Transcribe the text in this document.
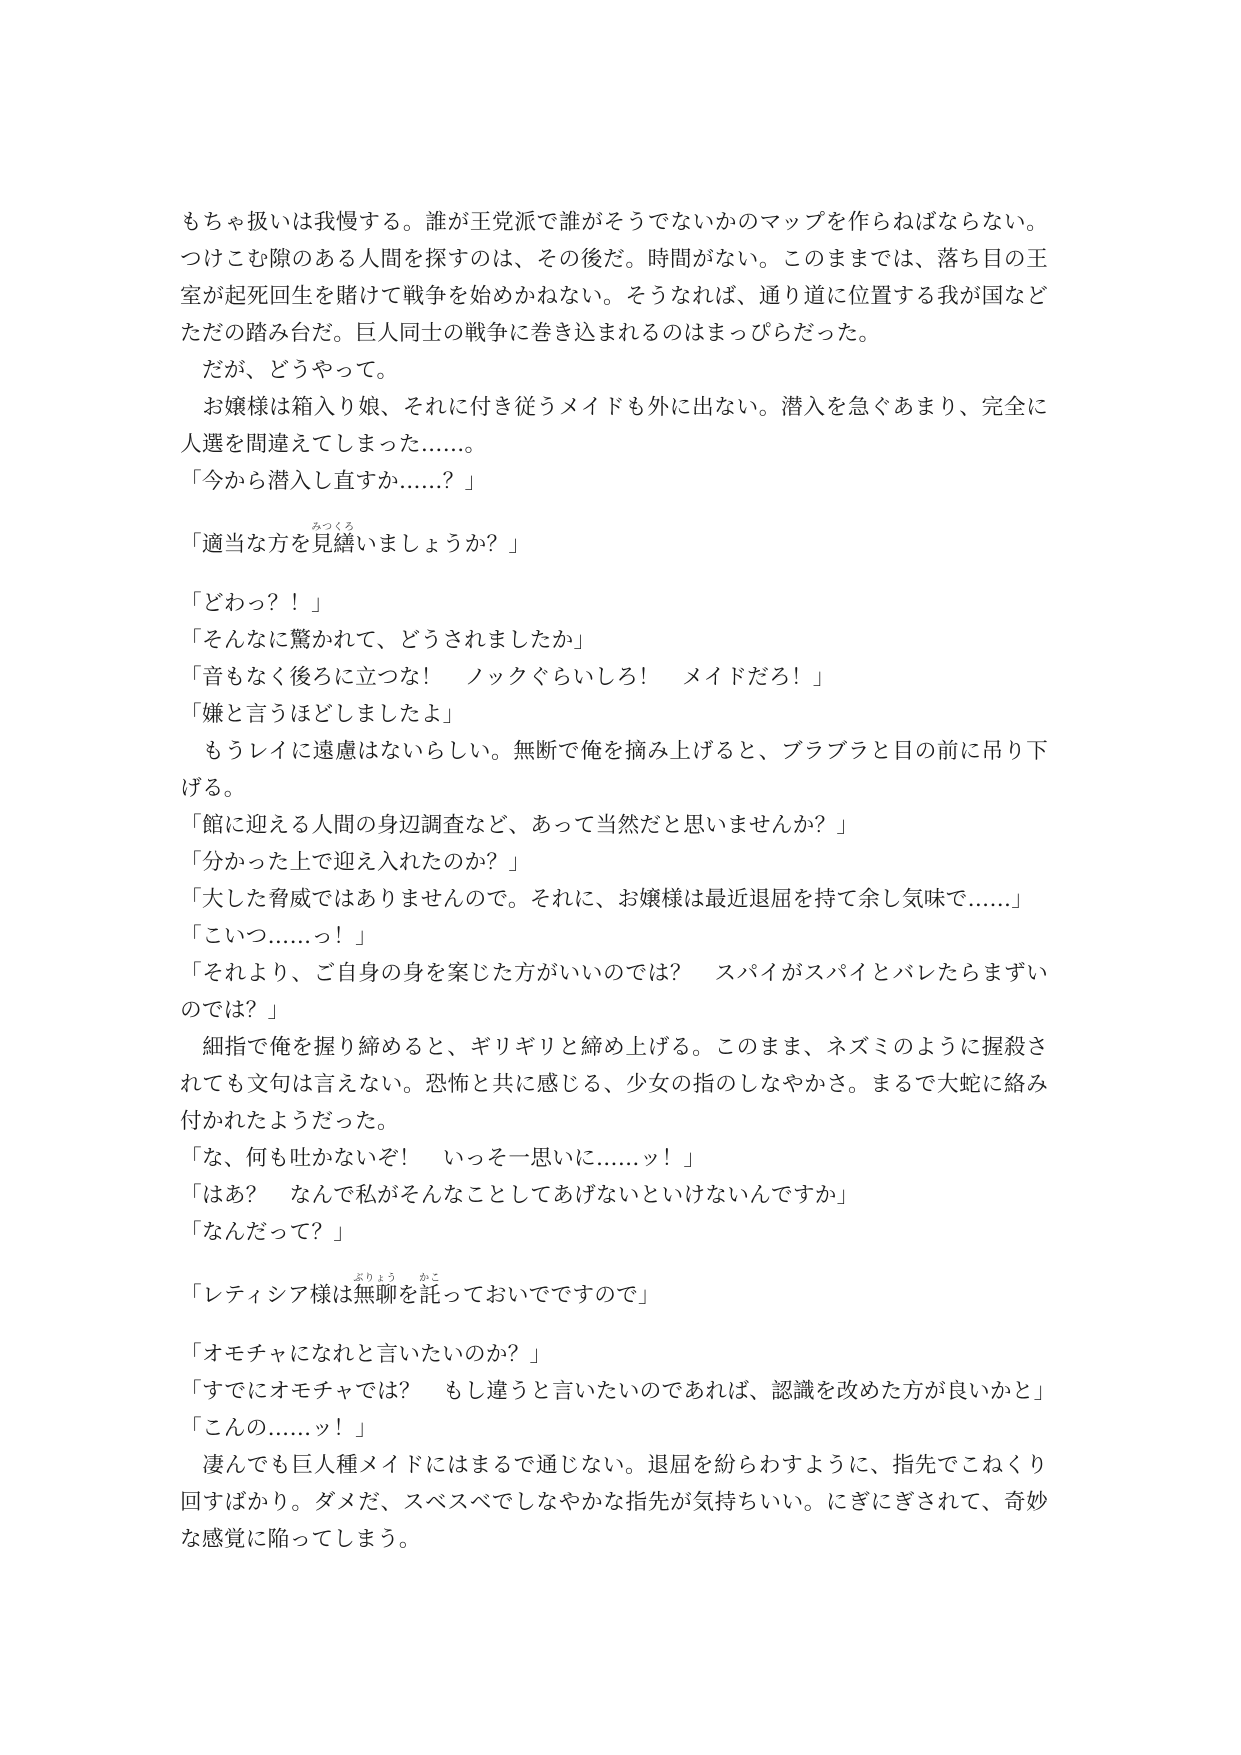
もちゃ扱いは我慢する。誰が王党派で誰がそうでないかのマップを作らねばならない。つけこむ隙のある人間を探すのは、その後だ。時間がない。このままでは、落ち目の王室が起死回生を賭けて戦争を始めかねない。そうなれば、通り道に位置する我が国などただの踏み台だ。巨人同士の戦争に巻き込まれるのはまっぴらだった。

　だが、どうやって。

　お嬢様は箱入り娘、それに付き従うメイドも外に出ない。潜入を急ぐあまり、完全に人選を間違えてしまった……。

「今から潜入し直すか……？」

「適当な方を見繕みつくろいましょうか？」

「どわっ？！」

「そんなに驚かれて、どうされましたか」

「音もなく後ろに立つな！　ノックぐらいしろ！　メイドだろ！」

「嫌と言うほどしましたよ」

　もうレイに遠慮はないらしい。無断で俺を摘み上げると、ブラブラと目の前に吊り下げる。

「館に迎える人間の身辺調査など、あって当然だと思いませんか？」

「分かった上で迎え入れたのか？」

「大した脅威ではありませんので。それに、お嬢様は最近退屈を持て余し気味で……」

「こいつ……っ！」

「それより、ご自身の身を案じた方がいいのでは？　スパイがスパイとバレたらまずいのでは？」

　細指で俺を握り締めると、ギリギリと締め上げる。このまま、ネズミのように握殺されても文句は言えない。恐怖と共に感じる、少女の指のしなやかさ。まるで大蛇に絡み付かれたようだった。

「な、何も吐かないぞ！　いっそ一思いに……ッ！」

「はあ？　なんで私がそんなことしてあげないといけないんですか」

「なんだって？」

「レティシア様は無聊ぶりょうを託かこっておいでですので」

「オモチャになれと言いたいのか？」

「すでにオモチャでは？　もし違うと言いたいのであれば、認識を改めた方が良いかと」

「こんの……ッ！」

　凄んでも巨人種メイドにはまるで通じない。退屈を紛らわすように、指先でこねくり回すばかり。ダメだ、スベスベでしなやかな指先が気持ちいい。にぎにぎされて、奇妙な感覚に陥ってしまう。
